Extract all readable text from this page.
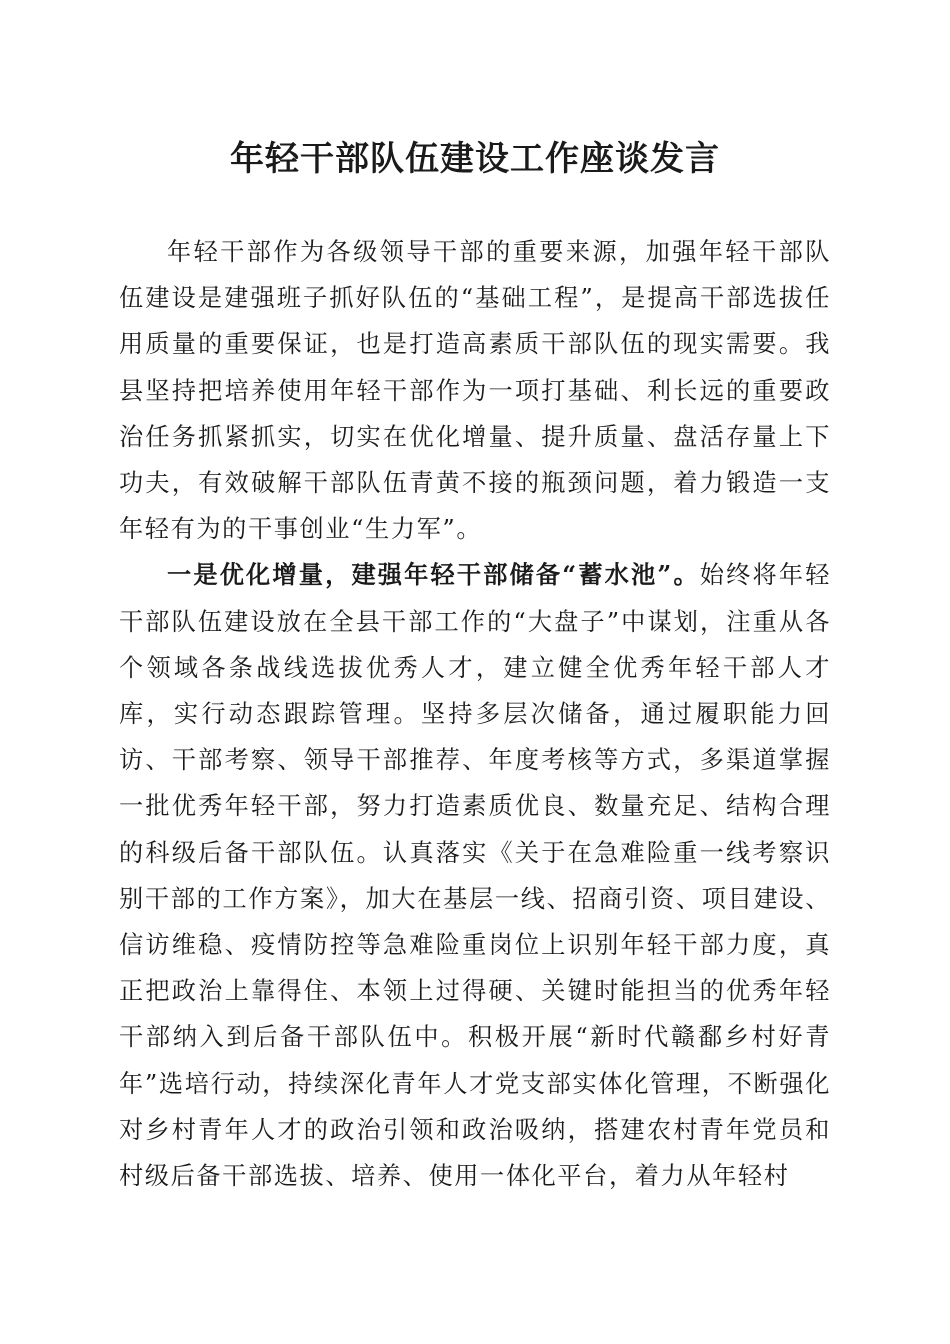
年轻干部队伍建设工作座谈发言

年轻干部作为各级领导干部的重要来源，加强年轻干部队伍建设是建强班子抓好队伍的“基础工程”，是提高干部选拔任用质量的重要保证，也是打造高素质干部队伍的现实需要。我县坚持把培养使用年轻干部作为一项打基础、利长远的重要政治任务抓紧抓实，切实在优化增量、提升质量、盘活存量上下功夫，有效破解干部队伍青黄不接的瓶颈问题，着力锻造一支年轻有为的干事创业“生力军”。

一是优化增量，建强年轻干部储备“蓄水池”。始终将年轻干部队伍建设放在全县干部工作的“大盘子”中谋划，注重从各个领域各条战线选拔优秀人才，建立健全优秀年轻干部人才库，实行动态跟踪管理。坚持多层次储备，通过履职能力回访、干部考察、领导干部推荐、年度考核等方式，多渠道掌握一批优秀年轻干部，努力打造素质优良、数量充足、结构合理的科级后备干部队伍。认真落实《关于在急难险重一线考察识别干部的工作方案》，加大在基层一线、招商引资、项目建设、信访维稳、疫情防控等急难险重岗位上识别年轻干部力度，真正把政治上靠得住、本领上过得硬、关键时能担当的优秀年轻干部纳入到后备干部队伍中。积极开展“新时代赣鄱乡村好青年”选培行动，持续深化青年人才党支部实体化管理，不断强化对乡村青年人才的政治引领和政治吸纳，搭建农村青年党员和村级后备干部选拔、培养、使用一体化平台，着力从年轻村
